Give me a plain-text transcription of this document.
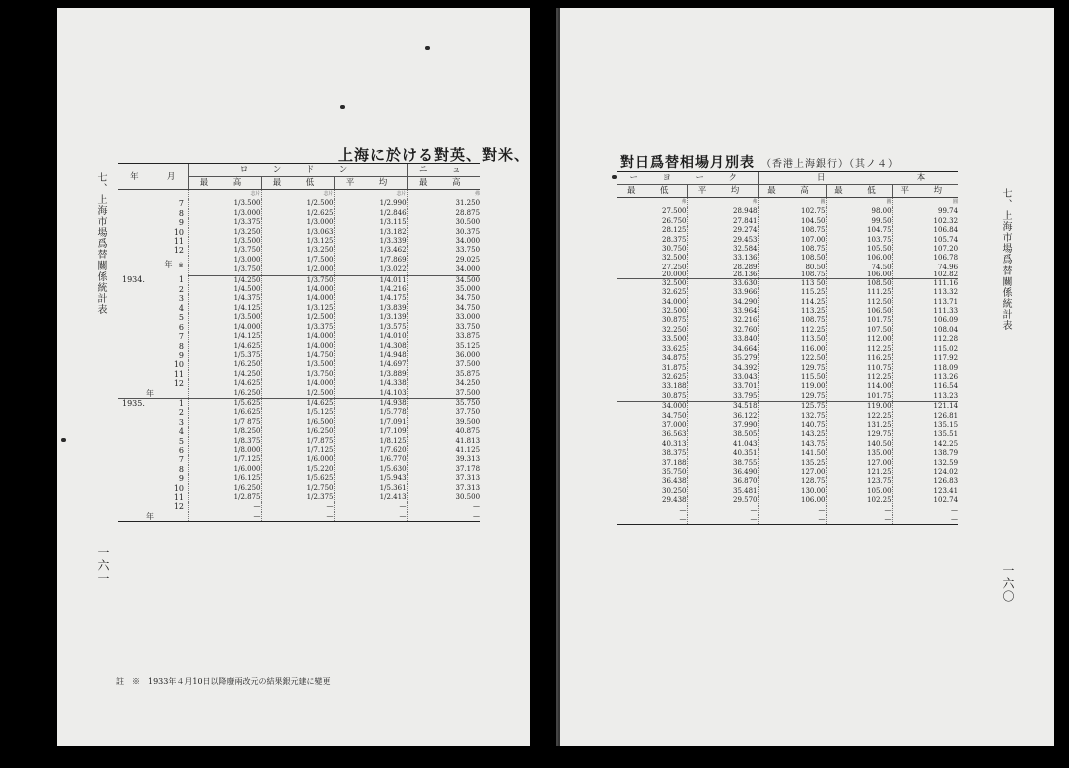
上海に於ける對英、對米、
七、上海市場爲替關係統計表
一六一
年　　　 月	ロ　ン　ド　ン			ニ　ュ
	最　高	最　低	平　均	最　高
	志片	志片	志片	弗
7	1/3.500	1/2.500	1/2.990	31.250
8	1/3.000	1/2.625	1/2.846	28.875
9	1/3.375	1/3.000	1/3.115	30.500
10	1/3.250	1/3.063	1/3.182	30.375
11	1/3.500	1/3.125	1/3.339	34.000
12	1/3.750	1/3.250	1/3.462	33.750
年 ※	1/3.000	1/7.500	1/7.869	29.025
	1/3.750	1/2.000	1/3.022	34.000
1934. 1	1/4.250	1/3.750	1/4.011	34.500
2	1/4.500	1/4.000	1/4.216	35.000
3	1/4.375	1/4.000	1/4.175	34.750
4	1/4.125	1/3.125	1/3.839	34.750
5	1/3.500	1/2.500	1/3.139	33.000
6	1/4.000	1/3.375	1/3.575	33.750
7	1/4.125	1/4.000	1/4.010	33.875
8	1/4.625	1/4.000	1/4.308	35.125
9	1/5.375	1/4.750	1/4.948	36.000
10	1/6.250	1/3.500	1/4.697	37.500
11	1/4.250	1/3.750	1/3.889	35.875
12	1/4.625	1/4.000	1/4.338	34.250
年	1/6.250	1/2.500	1/4.103	37.500
1935. 1	1/5.625	1/4.625	1/4.938	35.750
2	1/6.625	1/5.125	1/5.778	37.750
3	1/7 875	1/6.500	1/7.091	39.500
4	1/8.250	1/6.250	1/7.109	40.875
5	1/8.375	1/7.875	1/8.125	41.813
6	1/8.000	1/7.125	1/7.620	41.125
7	1/7.125	1/6.000	1/6.770	39.313
8	1/6.000	1/5.220	1/5.630	37.178
9	1/6.125	1/5.625	1/5.943	37.313
10	1/6.250	1/2.750	1/5.361	37.313
11	1/2.875	1/2.375	1/2.413	30.500
12	—	—	—	—
年	—	—	—	—
註　※　1933年４月10日以降廢兩改元の結果銀元建に變更
對日爲替相場月別表 （香港上海銀行）（其ノ４）
七、上海市場爲替關係統計表
一六〇
ー　ヨ　ー　ク		日		本
最　低	平　均	最　高	最　低	平　均
弗	弗	圓	圓	圓
27.500	28.948	102.75	98.00	99.74
26.750	27.841	104.50	99.50	102.32
28.125	29.274	108.75	104.75	106.84
28.375	29.453	107.00	103.75	105.74
30.750	32.584	108.75	105.50	107.20
32.500	33.136	108.50	106.00	106.78
27.250	28.289	80.50	74.50	74.96
20.000	28.136	108.75	106.00	102.82
32.500	33.630	113 50	108.50	111.16
32.625	33.966	115.25	111.25	113.32
34.000	34.290	114.25	112.50	113.71
32.500	33.964	113.25	106.50	111.33
30.875	32.216	108.75	101.75	106.09
32.250	32.760	112.25	107.50	108.04
33.500	33.840	113.50	112.00	112.28
33.625	34.664	116.00	112.25	115.02
34.875	35.279	122.50	116.25	117.92
31.875	34.392	129.75	110.75	118.09
32.625	33.043	115.50	112.25	113.26
33.188	33.701	119.00	114.00	116.54
30.875	33.795	129.75	101.75	113.23
34.000	34.518	125.75	119.00	121.14
34.750	36.122	132.75	122.25	126.81
37.000	37.990	140.75	131.25	135.15
36.563	38.505	143.25	129.75	135.51
40.313	41.043	143.75	140.50	142.25
38.375	40.351	141.50	135.00	138.79
37.188	38.755	135.25	127.00	132.59
35.750	36.490	127.00	121.25	124.02
36.438	36.870	128.75	123.75	126.83
30.250	35.481	130.00	105.00	123.41
29.438	29.570	106.00	102.25	102.74
—	—	—	—	—
—	—	—	—	—
